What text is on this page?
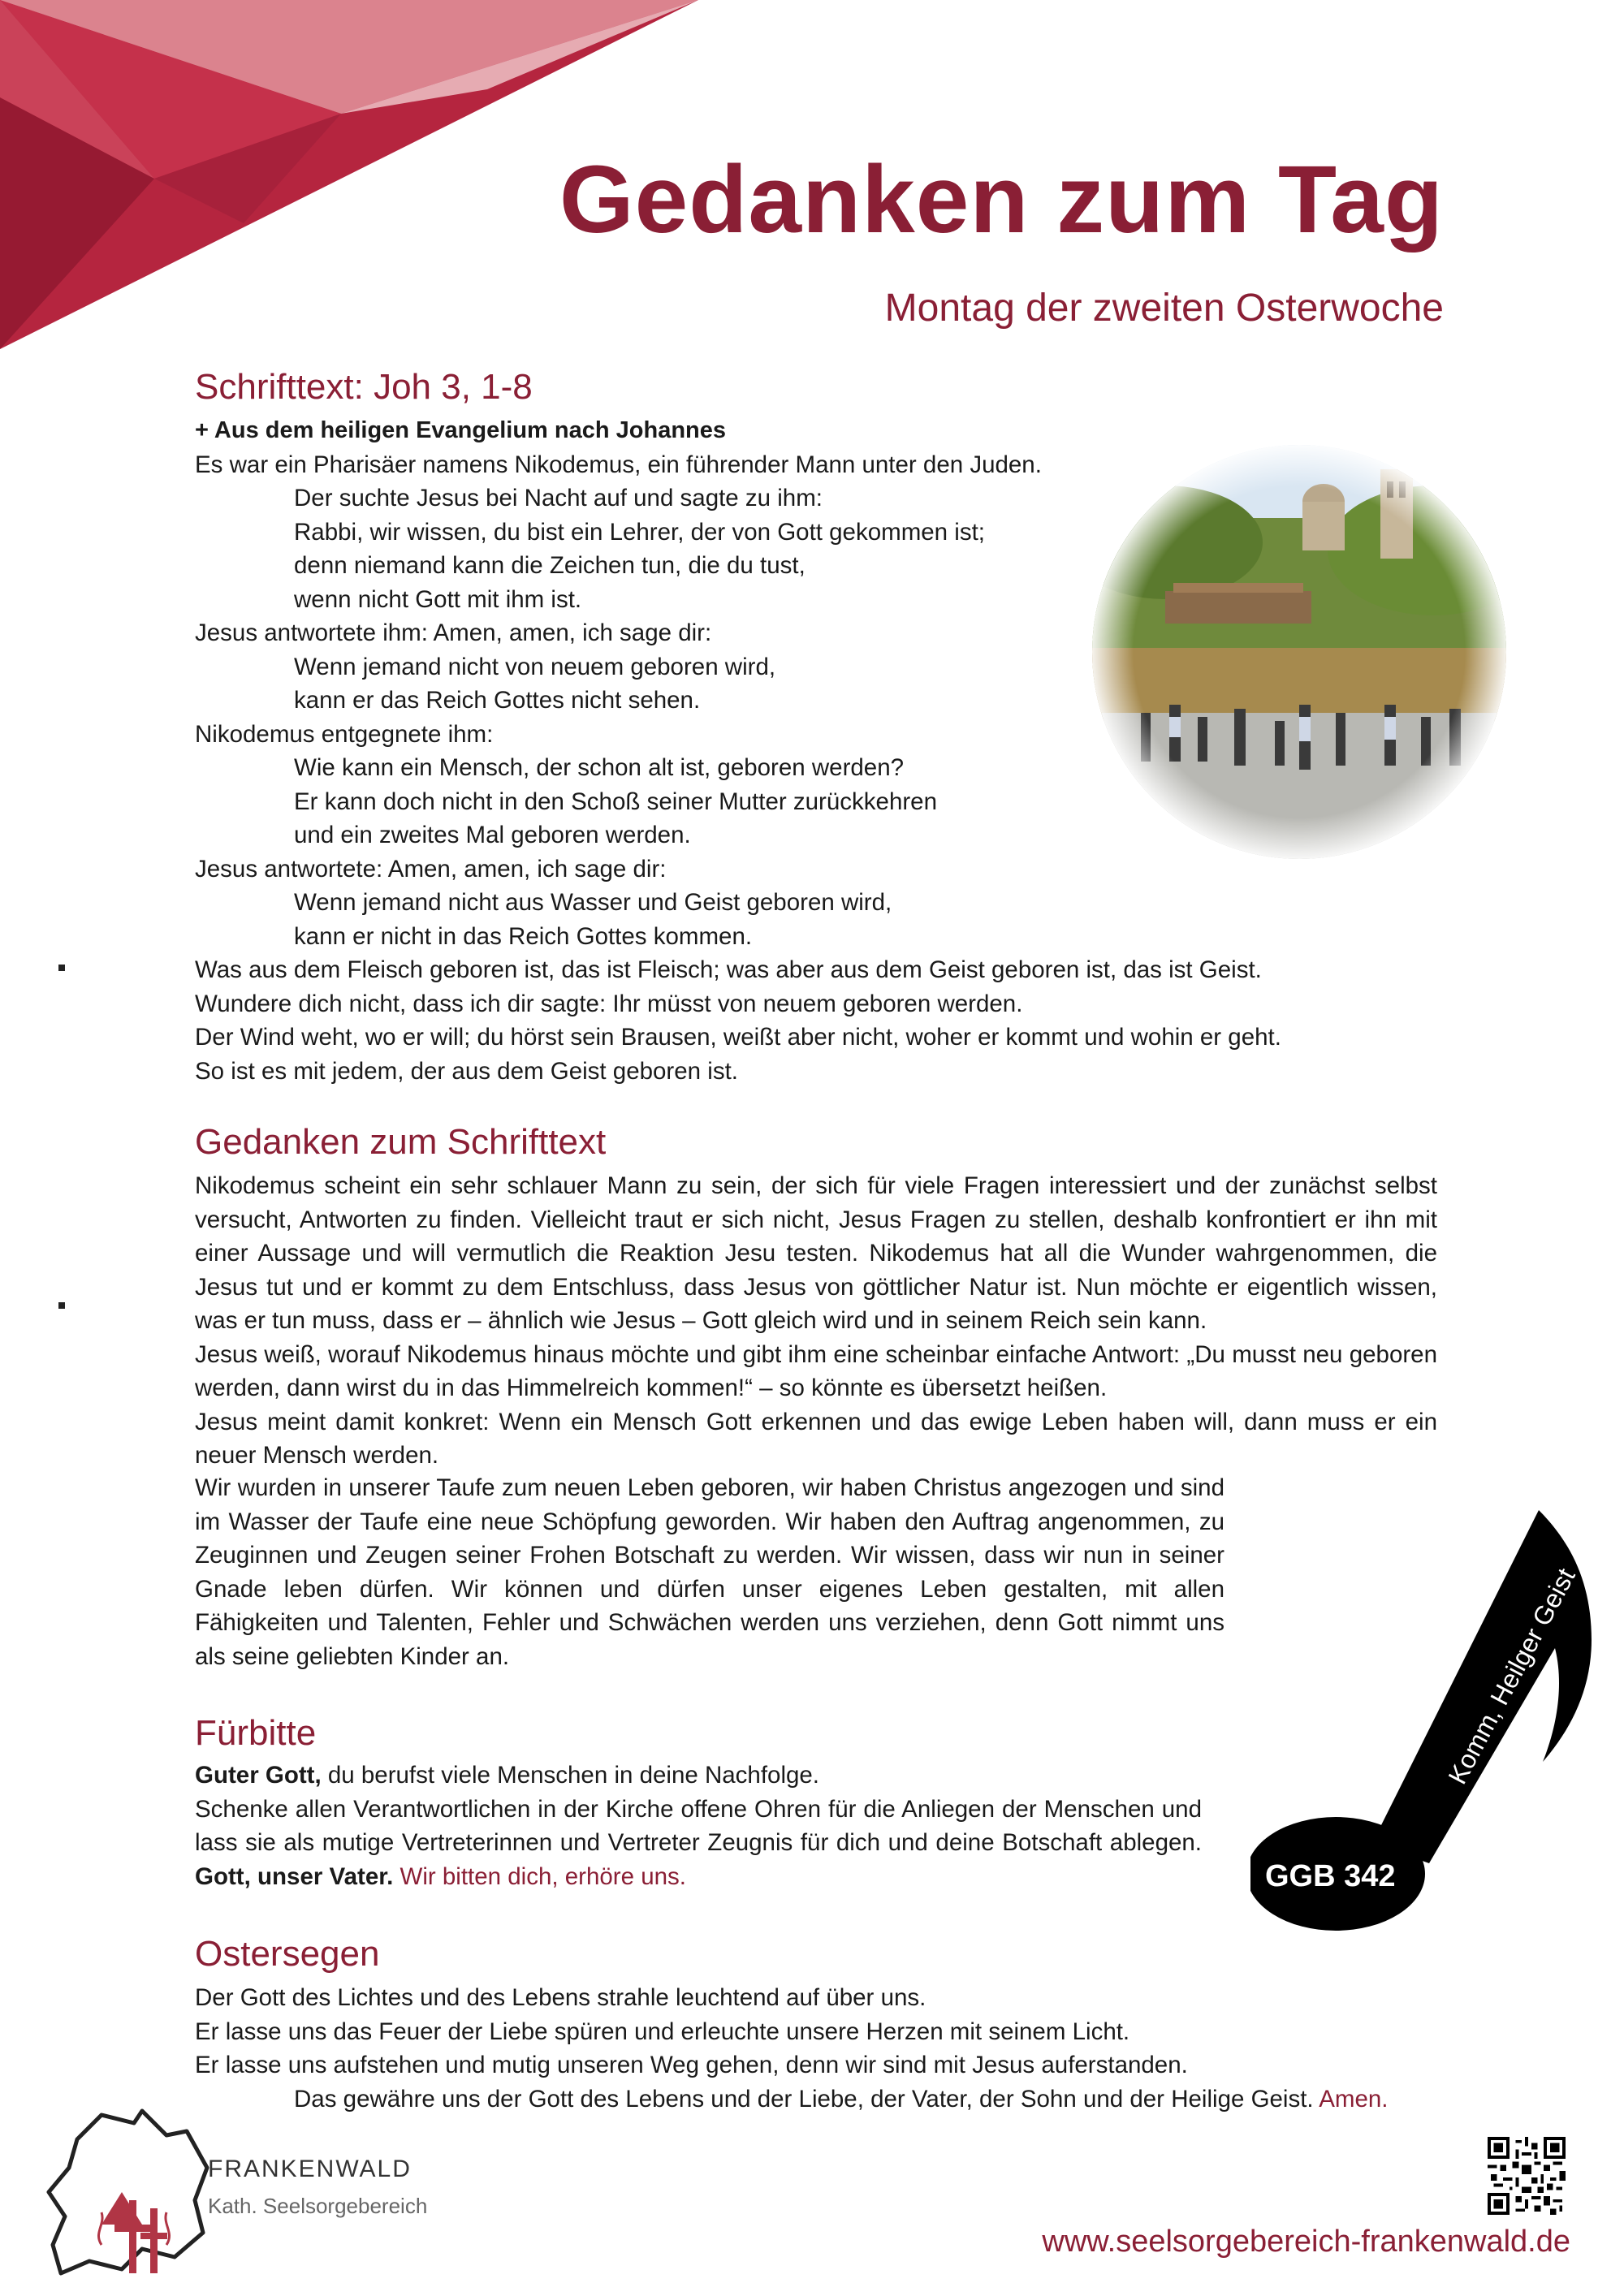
Gedanken zum Tag
Montag der zweiten Osterwoche
Schrifttext: Joh 3, 1-8
+ Aus dem heiligen Evangelium nach Johannes
Es war ein Pharisäer namens Nikodemus, ein führender Mann unter den Juden.
Der suchte Jesus bei Nacht auf und sagte zu ihm:
Rabbi, wir wissen, du bist ein Lehrer, der von Gott gekommen ist;
denn niemand kann die Zeichen tun, die du tust,
wenn nicht Gott mit ihm ist.
Jesus antwortete ihm: Amen, amen, ich sage dir:
Wenn jemand nicht von neuem geboren wird,
kann er das Reich Gottes nicht sehen.
Nikodemus entgegnete ihm:
Wie kann ein Mensch, der schon alt ist, geboren werden?
Er kann doch nicht in den Schoß seiner Mutter zurückkehren
und ein zweites Mal geboren werden.
Jesus antwortete: Amen, amen, ich sage dir:
Wenn jemand nicht aus Wasser und Geist geboren wird,
kann er nicht in das Reich Gottes kommen.
Was aus dem Fleisch geboren ist, das ist Fleisch; was aber aus dem Geist geboren ist, das ist Geist.
Wundere dich nicht, dass ich dir sagte: Ihr müsst von neuem geboren werden.
Der Wind weht, wo er will; du hörst sein Brausen, weißt aber nicht, woher er kommt und wohin er geht.
So ist es mit jedem, der aus dem Geist geboren ist.
Gedanken zum Schrifttext
Nikodemus scheint ein sehr schlauer Mann zu sein, der sich für viele Fragen interessiert und der zunächst selbst versucht, Antworten zu finden. Vielleicht traut er sich nicht, Jesus Fragen zu stellen, deshalb konfrontiert er ihn mit einer Aussage und will vermutlich die Reaktion Jesu testen. Nikodemus hat all die Wunder wahrgenommen, die Jesus tut und er kommt zu dem Entschluss, dass Jesus von göttlicher Natur ist. Nun möchte er eigentlich wissen, was er tun muss, dass er – ähnlich wie Jesus – Gott gleich wird und in seinem Reich sein kann.
Jesus weiß, worauf Nikodemus hinaus möchte und gibt ihm eine scheinbar einfache Antwort: „Du musst neu geboren werden, dann wirst du in das Himmelreich kommen!“ – so könnte es übersetzt heißen.
Jesus meint damit konkret: Wenn ein Mensch Gott erkennen und das ewige Leben haben will, dann muss er ein neuer Mensch werden.
Wir wurden in unserer Taufe zum neuen Leben geboren, wir haben Christus angezogen und sind im Wasser der Taufe eine neue Schöpfung geworden. Wir haben den Auftrag angenommen, zu Zeuginnen und Zeugen seiner Frohen Botschaft zu werden. Wir wissen, dass wir nun in seiner Gnade leben dürfen. Wir können und dürfen unser eigenes Leben gestalten, mit allen Fähigkeiten und Talenten, Fehler und Schwächen werden uns verziehen, denn Gott nimmt uns als seine geliebten Kinder an.
GGB 342
Komm, Heilger Geist
Fürbitte
Guter Gott, du berufst viele Menschen in deine Nachfolge.
Schenke allen Verantwortlichen in der Kirche offene Ohren für die Anliegen der Menschen und lass sie als mutige Vertreterinnen und Vertreter Zeugnis für dich und deine Botschaft ablegen. Gott, unser Vater. Wir bitten dich, erhöre uns.
Ostersegen
Der Gott des Lichtes und des Lebens strahle leuchtend auf über uns.
Er lasse uns das Feuer der Liebe spüren und erleuchte unsere Herzen mit seinem Licht.
Er lasse uns aufstehen und mutig unseren Weg gehen, denn wir sind mit Jesus auferstanden.
Das gewähre uns der Gott des Lebens und der Liebe, der Vater, der Sohn und der Heilige Geist. Amen.
FRANKENWALD
Kath. Seelsorgebereich
www.seelsorgebereich-frankenwald.de
